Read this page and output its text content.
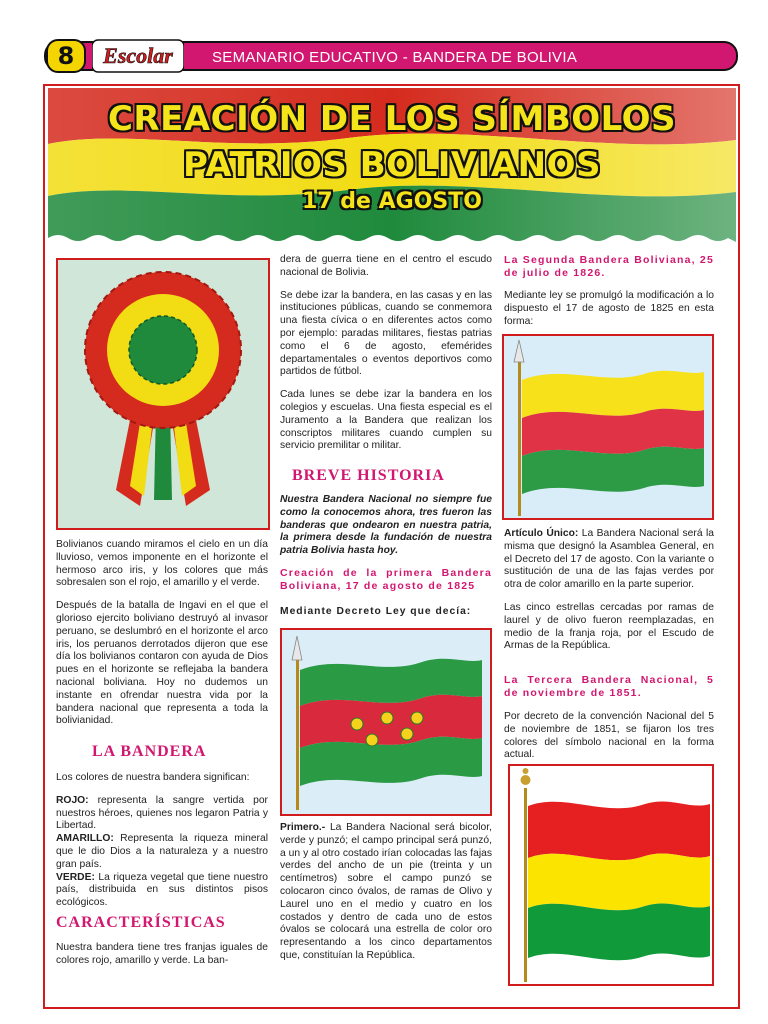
8	Escolar	SEMANARIO EDUCATIVO - BANDERA DE BOLIVIA
CREACIÓN DE LOS SÍMBOLOS
PATRIOS BOLIVIANOS
17 de AGOSTO

Bolivianos cuando miramos el cielo en un día lluvioso, vemos imponente en el horizonte el hermoso arco iris, y los colores que más sobresalen son el rojo, el amarillo y el verde.

Después de la batalla de Ingavi en el que el glorioso ejercito boliviano destruyó al invasor peruano, se deslumbró en el horizonte el arco iris, los peruanos derrotados dijeron que ese día los bolivianos contaron con ayuda de Dios pues en el horizonte se reflejaba la bandera nacional boliviana. Hoy no dudemos un instante en ofrendar nuestra vida por la bandera nacional que representa a toda la bolivianidad.

LA BANDERA

Los colores de nuestra bandera significan:

ROJO: representa la sangre vertida por nuestros héroes, quienes nos legaron Patria y Libertad.
AMARILLO: Representa la riqueza mineral que le dio Dios a la naturaleza y a nuestro gran país.
VERDE: La riqueza vegetal que tiene nuestro país, distribuida en sus distintos pisos ecológicos.
CARACTERÍSTICAS
Nuestra bandera tiene tres franjas iguales de colores rojo, amarillo y verde. La ban-

dera de guerra tiene en el centro el escudo nacional de Bolivia.

Se debe izar la bandera, en las casas y en las instituciones públicas, cuando se conmemora una fiesta cívica o en diferentes actos como por ejemplo: paradas militares, fiestas patrias como el 6 de agosto, efemérides departamentales o eventos deportivos como partidos de fútbol.

Cada lunes se debe izar la bandera en los colegios y escuelas. Una fiesta especial es el Juramento a la Bandera que realizan los conscriptos militares cuando cumplen su servicio premilitar o militar.

BREVE HISTORIA
Nuestra Bandera Nacional no siempre fue como la conocemos ahora, tres fueron las banderas que ondearon en nuestra patria, la primera desde la fundación de nuestra patria Bolivia hasta hoy.
Creación de la primera Bandera Boliviana, 17 de agosto de 1825
Mediante Decreto Ley que decía:
Primero.- La Bandera Nacional será bicolor, verde y punzó; el campo principal será punzó, a un y al otro costado irían colocadas las fajas verdes del ancho de un pie (treinta y un centímetros) sobre el campo punzó se colocaron cinco óvalos, de ramas de Olivo y Laurel uno en el medio y cuatro en los costados y dentro de cada uno de estos óvalos se colocará una estrella de color oro representando a los cinco departamentos que, constituían la República.
La Segunda Bandera Boliviana, 25 de julio de 1826.
Mediante ley se promulgó la modificación a lo dispuesto el 17 de agosto de 1825 en esta forma:

Artículo Único: La Bandera Nacional será la misma que designó la Asamblea General, en el Decreto del 17 de agosto. Con la variante o sustitución de una de las fajas verdes por otra de color amarillo en la parte superior.

Las cinco estrellas cercadas por ramas de laurel y de olivo fueron reemplazadas, en medio de la franja roja, por el Escudo de Armas de la República.

La Tercera Bandera Nacional, 5 de noviembre de 1851.
Por decreto de la convención Nacional del 5 de noviembre de 1851, se fijaron los tres colores del símbolo nacional en la forma actual.
